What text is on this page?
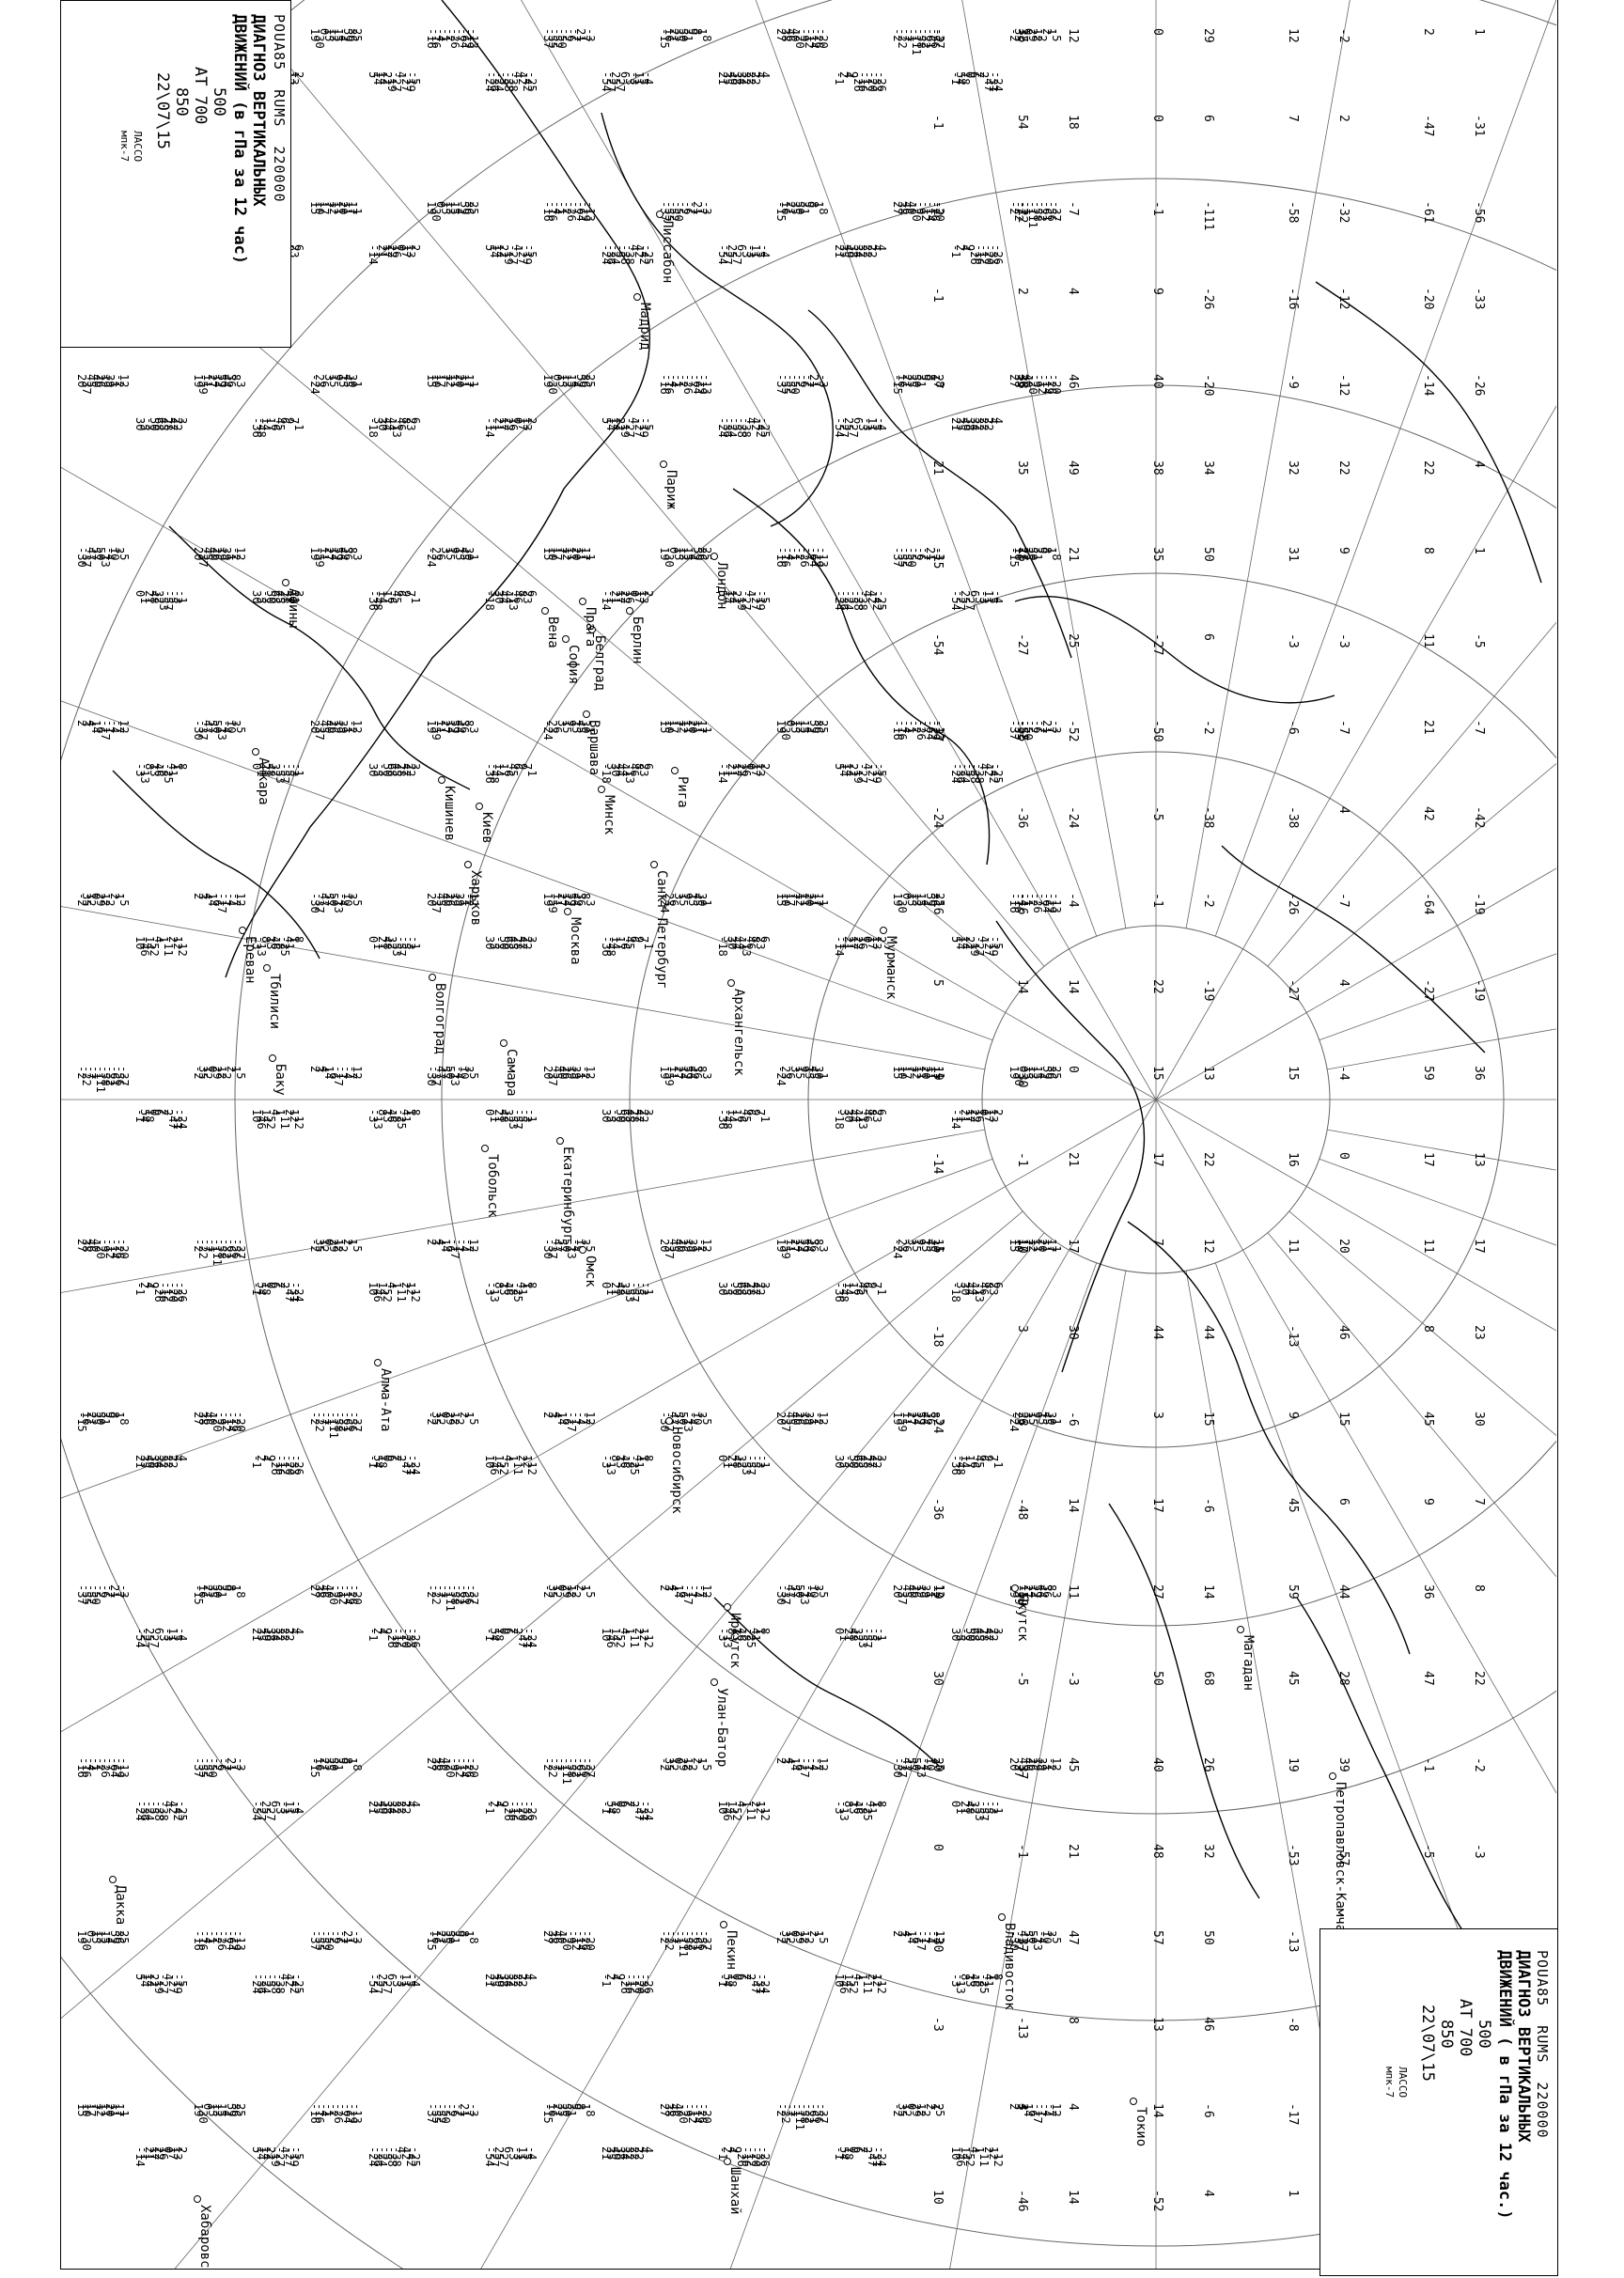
-5
-24
-37
-26
-20
4
-8
-4
-3
-25
-13
-5
25
2
-1
6
-1
-1
-3
3
12
-1
-5
8
12
-12
1
-31
-56
-33
-26
4
1
-5
-7
-42
-19
-19
36
13
17
23
30
7
8
22
-2
-3
2
-47
-61
-20
-14
22
8
11
21
42
-64
-27
59
17
11
8
45
9
36
47
-1
-5
-2
2
-32
-12
-12
22
9
-3
-7
4
-7
4
-4
0
20
46
15
6
44
28
39
-57
12
7
-58
-16
-9
32
31
-3
-6
-38
-26
-27
15
16
11
-13
9
45
59
45
19
-53
-13
-8
-17
1
29
6
-111
-26
-20
34
50
6
-2
-38
-2
-19
13
22
12
44
15
-6
14
68
26
32
50
46
-6
4
0
0
-1
9
40
38
35
-27
-50
-5
-1
22
15
17
7
44
3
17
27
50
40
48
57
13
14
-52
12
18
-7
4
46
49
21
25
-52
-24
-4
14
0
21
17
30
-6
14
11
-3
45
21
47
8
4
14
35
54
-22
2
38
35
16
-27
-55
-36
-16
14
-30
-1
10
3
23
-48
-59
-5
-37
-1
-37
-13
3
-46
-2
-1
-2
-1
27
21
-15
-54
-37
-24
-16
5
19
-14
15
-18
-24
-36
19
30
20
0
-30
-3
2
10
-5
-37
-20
-8
-3
-13
25
-1
-1
-3
12
-5
12
1
-56
-26
1
-7
-19
36
17
30
8
-2
3
-7
2
-61
-14
8
21
-64
59
11
45
36
-1
10
-4
-2
-32
-12
9
-7
-7
-4
20
15
44
39
-4
-1
12
-58
-9
31
-6
-26
15
11
9
59
19
-13
-17
29
-111
-20
50
-2
-2
13
12
15
14
26
50
-6
0
-1
40
35
-50
-1
15
7
3
27
40
57
14
12
-7
46
21
-52
-4
0
17
-6
11
45
47
4
35
-22
38
16
-55
-16
-30
10
23
-59
-37
-37
3
-2
-2
27
-15
-37
-16
19
15
-24
20
-30
2
-24
-26
4
-4
-25
-5
2
6
-1
3
-1
8
-12
-31
-33
4
-5
-42
-19
13
23
7
22
-3
1
12
-47
-20
22
11
42
-27
17
8
9
47
-5
41
2
2
-12
22
-3
4
4
0
46
6
28
-57
-25
-11
7
-16
32
-3
-38
-27
16
-13
45
45
-53
-8
1
6
-26
34
6
-38
-19
22
44
-6
68
32
46
4
0
9
38
-27
-5
22
17
44
17
50
48
13
-52
18
4
49
25
-24
14
21
30
14
-3
21
8
14
54
2
35
-27
-36
14
-1
3
-48
-5
-1
-13
-46
-1
-1
21
-54
-24
5
-14
-18
-36
30
0
-3
10
-37
-20
-8
-3
-13
25
-1
-1
-3
12
-5
12
-5
-56
-26
1
-7
-19
36
17
30
8
-2
3
-7
1
-61
-14
8
21
-64
59
11
45
36
-1
10
-4
2
-32
-12
9
-7
-7
-4
20
15
44
39
-4
-1
-2
-58
-9
31
-6
-26
15
11
9
59
19
-13
-17
12
-111
-20
50
-2
-2
13
12
15
14
26
50
-6
29
-1
40
35
-50
-1
15
7
3
27
40
57
14
0
-7
46
21
-52
-4
0
17
-6
11
45
47
4
12
-22
38
16
-55
-16
-30
10
23
-59
-37
-37
3
35
-2
27
-15
-37
-16
19
15
-24
19
20
-30
2
-2
-26
4
-4
-25
-5
2
6
-1
3
-1
8
-12
-24
-33
4
-5
-42
-19
13
23
7
22
-3
1
12
-31
-20
22
11
42
-27
17
8
9
47
-5
41
2
-47
-12
22
-3
4
4
0
46
6
28
-57
-25
-11
2
-16
32
-3
-38
-27
16
-13
45
45
-53
-8
1
7
-26
34
6
-38
-19
22
44
-6
68
32
46
4
6
9
38
-27
-5
22
17
44
17
50
48
13
-52
0
4
49
25
-24
14
21
30
14
-3
21
8
14
18
2
35
-27
-36
14
-1
3
-48
-5
-1
-13
-46
54
-1
21
-54
-24
5
-14
-18
-36
30
0
-3
10
-1
-20
-8
-3
-13
25
-1
-1
-3
12
-5
12
-5
-37
-26
1
-7
-19
36
17
30
8
-2
3
-7
1
-56
-14
8
21
-64
59
11
45
36
-1
10
-4
2
-61
-12
9
-7
-7
-4
20
15
44
39
-4
-1
-2
-32
-9
31
-6
-26
15
11
9
59
19
-13
-17
12
-58
-20
50
-2
-2
13
12
15
14
26
50
-6
29
-111
40
35
-50
-1
15
7
3
27
40
57
14
0
-1
46
21
-52
-4
0
17
-6
11
45
47
4
12
-7
38
16
-55
-16
-30
10
23
-59
-37
-37
3
35
-22
27
-15
-37
-16
19
15
-24
19
20
-30
2
-2
-2
4
-4
-25
-5
2
6
-1
3
-1
8
-12
-24
-26
4
-5
-42
-19
13
23
7
22
-3
1
12
-31
-33
22
11
42
-27
17
8
9
47
-5
41
2
-47
-20
22
-3
4
4
0
46
6
28
-57
-25
-11
2
-12
32
-3
-38
-27
16
-13
45
45
-53
-8
1
7
-16
34
6
-38
-19
22
44
-6
68
32
46
4
6
-26
38
-27
-5
22
17
44
17
50
48
13
-52
0
9
49
25
-24
14
21
30
14
-3
21
8
14
18
4
35
-27
-36
14
-1
3
-48
-5
-1
-13
-46
54
2
21
-54
-24
5
-14
-18
-36
30
0
-3
10
-1
-1
-8
-3
-13
25
-1
-1
-3
12
-5
12
-5
-37
-20
1
-7
-19
36
17
30
8
-2
3
-7
1
-56
-26
8
21
-64
59
11
45
36
-1
10
-4
2
-61
-14
9
-7
-7
-4
20
15
44
39
-4
-1
-2
-32
-12
31
-6
-26
15
11
9
59
19
-13
-17
12
-58
-9
50
-2
-2
13
12
15
14
26
50
-6
29
-111
-20
35
-50
-1
15
7
3
27
40
57
14
0
-1
40
21
-52
-4
0
17
-6
11
45
47
4
12
-7
46
16
-55
-16
-30
10
23
-59
-37
3
35
-22
38
-15
-37
-16
19
15
-24
19
20
-30
2
-2
-2
27
-4
-25
-5
2
6
-1
3
-1
8
-12
-24
-26
4
-5
-42
-19
13
23
7
22
-3
1
12
-31
-33
4
11
42
-27
17
8
9
47
-5
41
2
-47
-20
22
-3
4
4
0
46
6
28
-57
-25
-11
2
-12
22
-3
-38
-27
16
-13
45
45
-53
-8
1
7
-16
32
6
-38
-19
22
44
-6
68
32
46
4
6
-26
34
-27
-5
22
17
44
17
50
48
13
-52
0
9
38
25
-24
14
21
30
14
-3
21
8
14
18
4
49
-27
-36
14
-1
3
-48
-5
-1
-13
-46
54
2
35
-54
-24
5
-14
-18
-36
30
0
-3
10
-1
-1
21
-3
-13
25
-1
-1
-3
12
-5
12
-5
-37
-20
-8
-7
-19
36
17
30
8
-2
3
-7
1
-56
-26
1
21
-64
59
11
45
36
-1
10
-4
2
-61
-14
8
-7
-7
-4
20
15
44
39
-4
-1
-2
-32
-12
9
-6
-26
15
11
9
59
19
-13
-17
12
-58
-9
31
-2
-2
13
12
15
14
26
50
-6
29
-111
-20
50
-50
-1
15
7
3
27
40
57
14
0
-1
40
35
-52
-4
0
17
-6
11
45
47
4
12
-7
46
21
-55
-16
-30
10
23
-59
-37
-37
3
35
-22
38
16
-37
-16
19
15
-24
19
20
-30
2
-2
-2
27
-15
-25
-5
2
6
-1
3
-1
8
-12
-24
-26
4
-4
-42
-19
13
23
7
22
-3
1
12
-31
-33
4
-5
42
-27
17
8
9
47
-5
41
2
-47
-20
22
11
4
4
0
46
6
28
-57
-25
-11
2
-12
22
-3
-38
-27
16
-13
45
45
-53
-8
1
7
-16
32
-3
-38
-19
22
44
-6
68
32
46
4
6
-26
34
6
-5
22
17
44
17
50
48
13
-52
0
9
38
-27
-24
14
21
30
14
-3
21
8
14
18
4
49
25
-36
14
-1
3
-48
-5
-1
-13
-46
54
2
35
-27
-24
5
-14
-18
-36
30
0
-3
10
-1
-1
21
-54
-13
25
-1
-1
-3
12
-5
12
-5
-37
-20
-8
-3
-19
36
17
30
8
-2
3
-7
1
-56
-26
1
-7
-64
59
11
45
36
-1
10
-4
2
-61
-14
8
21
-7
-4
20
15
44
39
-4
-1
-2
-32
-12
9
-7
-26
15
11
9
59
19
-13
-17
12
-58
-9
31
-6
-2
13
12
15
14
26
50
-6
29
-111
-20
50
-2
-1
15
7
3
27
40
57
14
0
-1
40
35
-50
-4
0
17
-6
11
45
47
4
12
-7
46
21
-52
-16
-30
10
23
-59
-37
-37
3
35
-22
38
16
-55
-16
19
15
-24
19
20
-30
2
-2
-2
27
-15
-37
-5
2
6
-1
3
-1
8
-12
-24
-26
4
-4
-25
-19
13
23
7
22
-3
1
12
-31
-33
4
-5
-42
-27
17
8
9
47
-5
41
2
-47
-20
22
11
42
4
0
46
6
28
-57
-25
-11
2
-12
22
-3
4
-27
16
-13
45
45
-53
-8
1
7
-16
32
-3
-38
-19
22
44
-6
68
32
46
4
6
-26
34
6
-38
22
17
44
17
50
48
13
-52
0
9
38
-27
-5
14
21
30
14
-3
21
8
14
18
4
49
25
-24
14
-1
3
-48
-5
-1
-13
-46
54
2
35
-27
-36
5
-14
-18
-36
30
0
-3
10
-1
-1
21
-54
-24
25
-1
-1
-3
12
-5
12
-5
-37
-20
-8
-3
-13
36
17
30
8
-2
3
-7
1
-56
-26
1
-7
-19
59
11
45
36
-1
10
-4
2
-61
-14
8
21
-64
-4
20
15
44
39
-4
-1
-2
-32
-12
9
-7
-7
15
11
9
59
19
-13
-17
12
-58
-9
31
-6
-26
13
12
15
14
26
50
-6
29
-111
-20
50
-2
-2
15
7
3
27
40
57
14
0
-1
40
35
-50
-1
0
17
-6
11
45
47
4
12
-7
46
21
-52
-4
-30
10
23
-59
-37
-37
3
35
-22
38
16
-55
-16
19
15
-24
19
20
-30
2
-2
-2
27
-15
-37
-16
2
6
-1
3
-1
8
-12
-24
-26
4
-4
-25
-5
13
23
7
22
-3
1
12
-31
-33
4
-5
-42
-19
9
47
-5
41
2
-47
-20
22
11
42
-27
6
28
-57
-25
-11
2
-12
22
-3
4
4
45
45
-53
-8
1
7
-16
32
-3
-38
-27
-6
68
32
46
4
6
-26
34
6
-38
-19
17
50
48
13
-52
0
9
38
-27
-5
22
14
-3
21
8
14
18
4
49
25
-24
14
-48
-5
-1
-13
-46
54
2
35
-27
-36
14
-36
30
0
-3
10
-1
-1
21
-54
-24
5
-3
12
-5
12
-5
-37
-20
-8
-3
-13
25
8
-2
3
-7
1
-56
-26
1
-7
-19
36
36
-1
10
-4
2
-61
-14
8
21
-64
59
44
39
-4
-1
-2
-32
-12
9
-7
-7
-4
59
19
-13
-17
12
-58
-9
31
-6
-26
15
14
26
50
-6
29
-111
-20
50
-2
-2
13
27
40
57
14
0
-1
40
35
-50
-1
15
11
45
47
4
12
-7
46
21
-52
-4
0
-59
-37
-37
3
35
-22
38
16
-55
-16
-30
19
20
-30
2
-2
-2
27
-15
-37
-16
19
3
-1
8
-12
-24
-26
4
-4
-25
-5
2
22
-3
1
12
-31
-33
4
-5
-42
-19
13
47
-5
41
2
-47
-20
22
11
42
-27
17
28
-57
-25
-11
2
-12
22
-3
4
4
0
45
-53
-8
1
7
-16
32
-3
-38
-27
16
68
32
46
4
6
-26
34
6
-38
-19
22
50
48
13
-52
0
9
38
-27
-5
22
17
-3
21
8
14
18
4
49
25
-24
14
21
-5
-1
-13
-46
54
2
35
-27
-36
14
-1
30
0
-3
10
-1
-1
21
-54
-24
5
-14
12
-5
12
-5
-37
-20
-8
-3
-13
25
-1
-2
3
-7
1
-56
-26
1
-7
-19
36
17
-1
10
-4
2
-61
-14
8
21
-64
59
11
39
-4
-1
-2
-32
-12
9
-7
-7
-4
20
19
-13
-17
12
-58
-9
31
-6
-26
15
11
26
50
-6
29
-111
-20
50
-2
-2
13
12
40
57
14
0
-1
40
35
-50
-1
15
7
45
47
4
12
-7
46
21
-52
-4
0
17
-37
-37
3
35
-22
38
16
-55
-16
-30
10
20
-30
2
-2
-2
27
-15
-37
-16
19
15
Лиссабон
Мадрид
Париж
Лондон
Берлин
Рига
Варшава
Минск
Вена
Белград
София
Прага
Афины
Анкара
Кишинев Киев
Харьков
Москва	Санкт Петербург	Мурманск
Архангельск
Самара
Волгоград
Ереван
Тбилиси
Баку
Екатеринбург
Омск
Тобольск
Новосибирск
Алма-Ата
Иркутск
Улан-Батор
Пекин
Якутск
Магадан
Петропавловск-Камчатский
Владивосток
Токио
Шанхай
Дакка
Хабаровск
POUA85  RUMS  220000
ДИАГНОЗ ВЕРТИКАЛЬНЫХ
ДВИЖЕНИЙ (в гПа за 12 час)
500
АТ 700
850
22\07\15
ЛАССО
мпк-7
POUA85  RUMS  220000
ДИАГНОЗ ВЕРТИКАЛЬНЫХ
ДВИЖЕНИЙ ( в гПа за 12 час.)
500
АТ 700
850
22\07\15
ЛАССО
мпк-7
